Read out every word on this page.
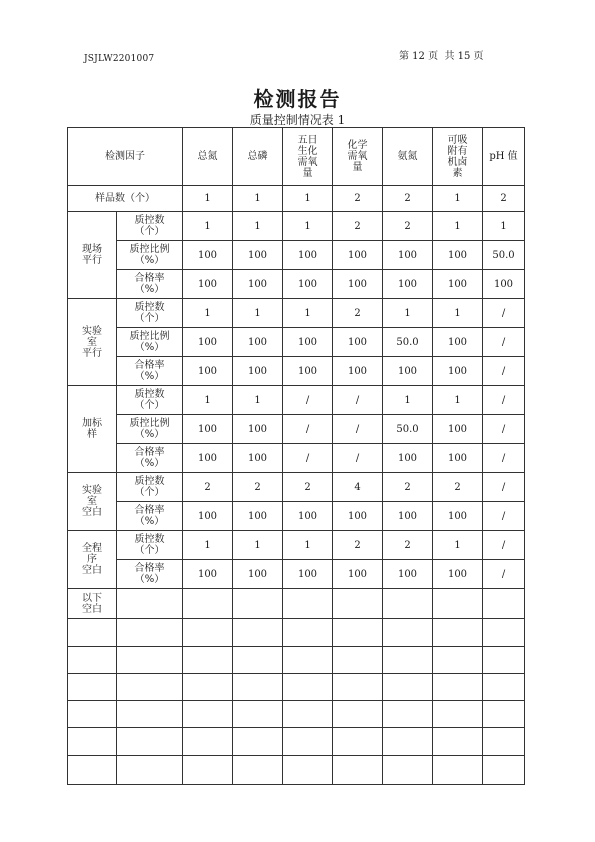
JSJLW2201007	第 12 页  共 15 页
检测报告
质量控制情况表 1
检测因子		总氮	总磷	五日
生化
需氧
量	化学
需氧
量	氨氮	可吸
附有
机卤
素	pH 值
样品数（个）		1	1	1	2	2	1	2
现场
平行	质控数
（个）	1	1	1	2	2	1	1
	质控比例
（%）	100	100	100	100	100	100	50.0
	合格率
（%）	100	100	100	100	100	100	100
实验
室
平行	质控数
（个）	1	1	1	2	1	1	/
	质控比例
（%）	100	100	100	100	50.0	100	/
	合格率
（%）	100	100	100	100	100	100	/
加标
样	质控数
（个）	1	1	/	/	1	1	/
	质控比例
（%）	100	100	/	/	50.0	100	/
	合格率
（%）	100	100	/	/	100	100	/
实验
室
空白	质控数
（个）	2	2	2	4	2	2	/
	合格率
（%）	100	100	100	100	100	100	/
全程
序
空白	质控数
（个）	1	1	1	2	2	1	/
	合格率
（%）	100	100	100	100	100	100	/
以下
空白								
